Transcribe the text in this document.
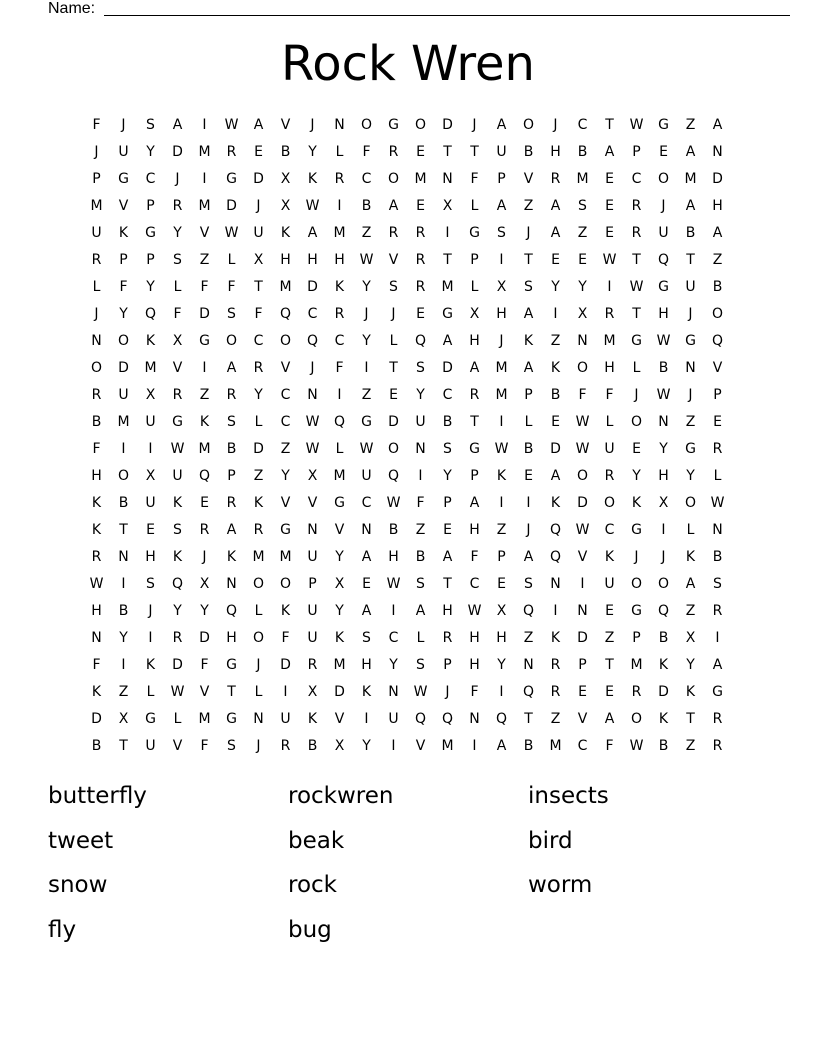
Name:
Rock Wren
F	J	S	A	I	W	A	V	J	N	O	G	O	D	J	A	O	J	C	T	W	G	Z	A
J	U	Y	D	M	R	E	B	Y	L	F	R	E	T	T	U	B	H	B	A	P	E	A	N
P	G	C	J	I	G	D	X	K	R	C	O	M	N	F	P	V	R	M	E	C	O	M	D
M	V	P	R	M	D	J	X	W	I	B	A	E	X	L	A	Z	A	S	E	R	J	A	H
U	K	G	Y	V	W	U	K	A	M	Z	R	R	I	G	S	J	A	Z	E	R	U	B	A
R	P	P	S	Z	L	X	H	H	H	W	V	R	T	P	I	T	E	E	W	T	Q	T	Z
L	F	Y	L	F	F	T	M	D	K	Y	S	R	M	L	X	S	Y	Y	I	W	G	U	B
J	Y	Q	F	D	S	F	Q	C	R	J	J	E	G	X	H	A	I	X	R	T	H	J	O
N	O	K	X	G	O	C	O	Q	C	Y	L	Q	A	H	J	K	Z	N	M	G	W	G	Q
O	D	M	V	I	A	R	V	J	F	I	T	S	D	A	M	A	K	O	H	L	B	N	V
R	U	X	R	Z	R	Y	C	N	I	Z	E	Y	C	R	M	P	B	F	F	J	W	J	P
B	M	U	G	K	S	L	C	W	Q	G	D	U	B	T	I	L	E	W	L	O	N	Z	E
F	I	I	W	M	B	D	Z	W	L	W	O	N	S	G	W	B	D	W	U	E	Y	G	R
H	O	X	U	Q	P	Z	Y	X	M	U	Q	I	Y	P	K	E	A	O	R	Y	H	Y	L
K	B	U	K	E	R	K	V	V	G	C	W	F	P	A	I	I	K	D	O	K	X	O	W
K	T	E	S	R	A	R	G	N	V	N	B	Z	E	H	Z	J	Q	W	C	G	I	L	N
R	N	H	K	J	K	M	M	U	Y	A	H	B	A	F	P	A	Q	V	K	J	J	K	B
W	I	S	Q	X	N	O	O	P	X	E	W	S	T	C	E	S	N	I	U	O	O	A	S
H	B	J	Y	Y	Q	L	K	U	Y	A	I	A	H	W	X	Q	I	N	E	G	Q	Z	R
N	Y	I	R	D	H	O	F	U	K	S	C	L	R	H	H	Z	K	D	Z	P	B	X	I
F	I	K	D	F	G	J	D	R	M	H	Y	S	P	H	Y	N	R	P	T	M	K	Y	A
K	Z	L	W	V	T	L	I	X	D	K	N	W	J	F	I	Q	R	E	E	R	D	K	G
D	X	G	L	M	G	N	U	K	V	I	U	Q	Q	N	Q	T	Z	V	A	O	K	T	R
B	T	U	V	F	S	J	R	B	X	Y	I	V	M	I	A	B	M	C	F	W	B	Z	R
butterfly	rockwren	insects
tweet	beak	bird
snow	rock	worm
fly	bug
